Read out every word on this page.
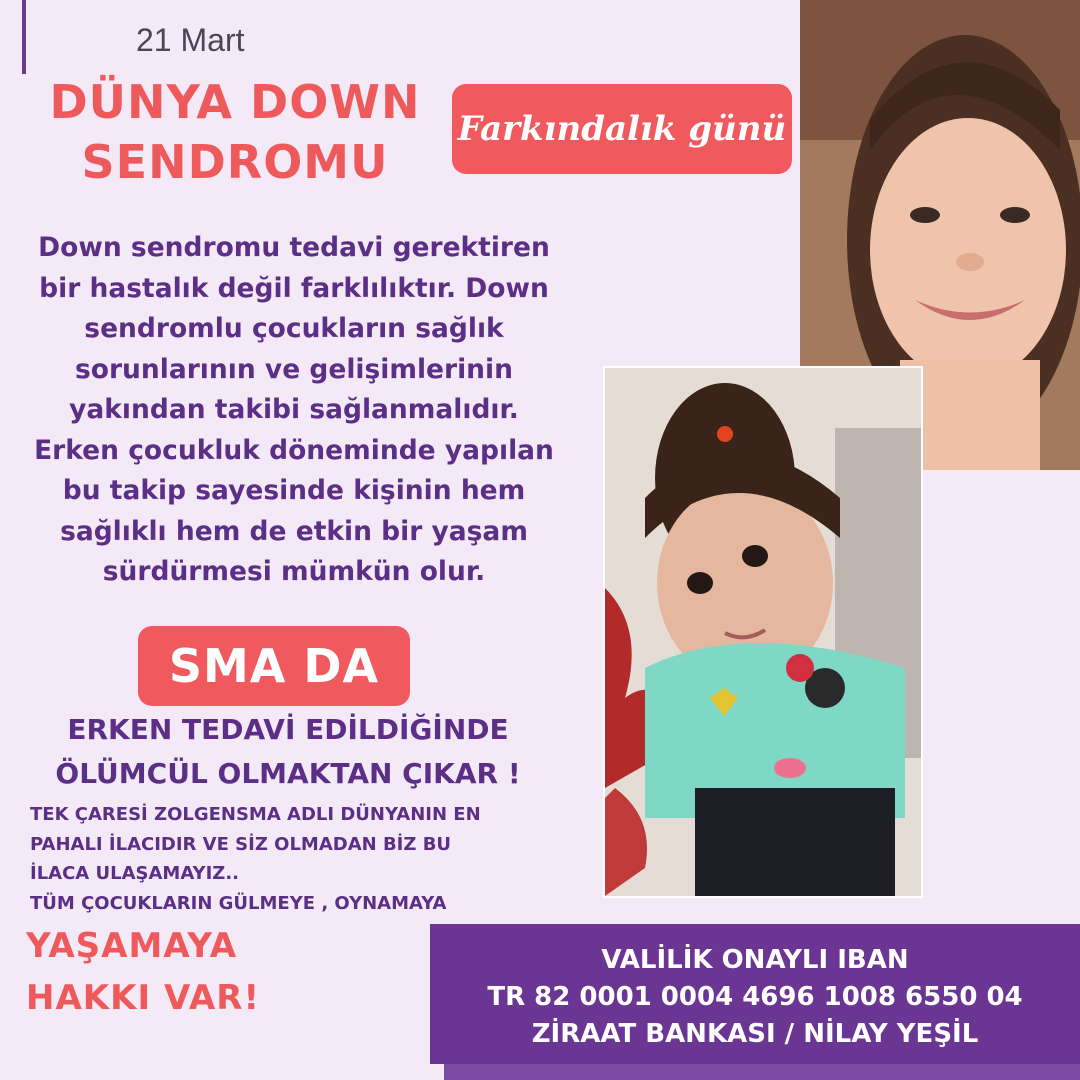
21 Mart
DÜNYA DOWN
SENDROMU
Farkındalık günü
Down sendromu tedavi gerektiren
bir hastalık değil farklılıktır. Down
sendromlu çocukların sağlık
sorunlarının ve gelişimlerinin
yakından takibi sağlanmalıdır.
Erken çocukluk döneminde yapılan
bu takip sayesinde kişinin hem
sağlıklı hem de etkin bir yaşam
sürdürmesi mümkün olur.
SMA DA
ERKEN TEDAVİ EDİLDİĞİNDE
ÖLÜMCÜL OLMAKTAN ÇIKAR !
TEK ÇARESİ ZOLGENSMA ADLI DÜNYANIN EN
PAHALI İLACIDIR VE SİZ OLMADAN BİZ BU
İLACA ULAŞAMAYIZ..
TÜM ÇOCUKLARIN GÜLMEYE , OYNAMAYA
YAŞAMAYA
HAKKI VAR!
VALİLİK ONAYLI IBAN
TR 82 0001 0004 4696 1008 6550 04
ZİRAAT BANKASI / NİLAY YEŞİL
